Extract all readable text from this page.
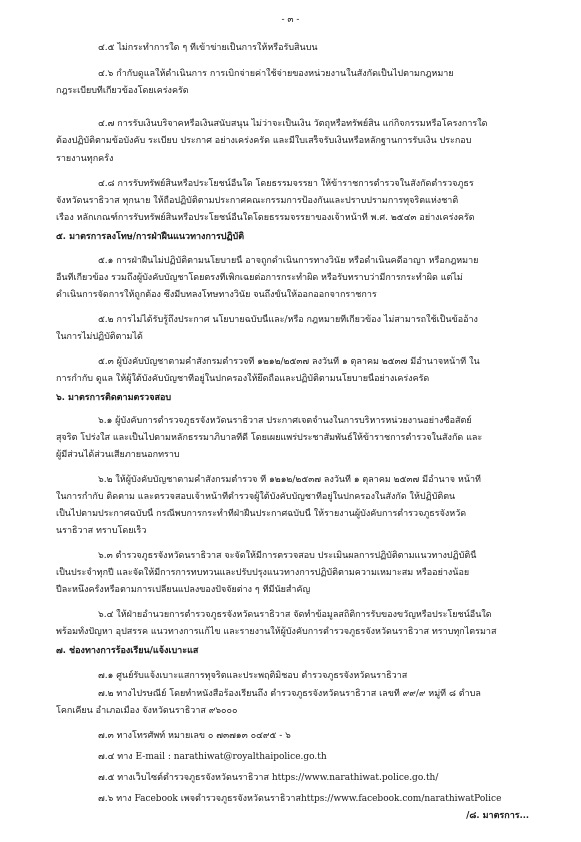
- ๓ -
๔.๕ ไม่กระทำการใด ๆ ที่เข้าข่ายเป็นการให้หรือรับสินบน
๔.๖ กำกับดูแลให้ดำเนินการ การเบิกจ่ายค่าใช้จ่ายของหน่วยงานในสังกัดเป็นไปตามกฎหมาย
กฎระเบียบที่เกี่ยวข้องโดยเคร่งครัด
๔.๗ การรับเงินบริจาคหรือเงินสนับสนุน ไม่ว่าจะเป็นเงิน วัตถุหรือทรัพย์สิน แก่กิจกรรมหรือโครงการใด
ต้องปฏิบัติตามข้อบังคับ ระเบียบ ประกาศ อย่างเคร่งครัด และมีใบเสร็จรับเงินหรือหลักฐานการรับเงิน ประกอบ
รายงานทุกครั้ง
๔.๘ การรับทรัพย์สินหรือประโยชน์อื่นใด โดยธรรมจรรยา ให้ข้าราชการตำรวจในสังกัดตำรวจภูธร
จังหวัดนราธิวาส ทุกนาย ให้ถือปฏิบัติตามประกาศคณะกรรมการป้องกันและปราบปรามการทุจริตแห่งชาติ
เรื่อง หลักเกณฑ์การรับทรัพย์สินหรือประโยชน์อื่นใดโดยธรรมจรรยาของเจ้าหน้าที่ พ.ศ. ๒๕๔๓ อย่างเคร่งครัด
๕. มาตรการลงโทษ/การฝ่าฝืนแนวทางการปฏิบัติ
๕.๑ การฝ่าฝืนไม่ปฏิบัติตามนโยบายนี้ อาจถูกดำเนินการทางวินัย หรือดำเนินคดีอาญา หรือกฎหมาย
อื่นที่เกี่ยวข้อง รวมถึงผู้บังคับบัญชาโดยตรงที่เพิกเฉยต่อการกระทำผิด หรือรับทราบว่ามีการกระทำผิด แต่ไม่
ดำเนินการจัดการให้ถูกต้อง ซึ่งมีบทลงโทษทางวินัย จนถึงขั้นให้ออกออกจากราชการ
๕.๒ การไม่ได้รับรู้ถึงประกาศ นโยบายฉบับนี้และ/หรือ กฎหมายที่เกี่ยวข้อง ไม่สามารถใช้เป็นข้ออ้าง
ในการไม่ปฏิบัติตามได้
๕.๓ ผู้บังคับบัญชาตามคำสั่งกรมตำรวจที่ ๑๒๑๒/๒๕๓๗ ลงวันที่ ๑ ตุลาคม ๒๕๓๗ มีอำนาจหน้าที่ ใน
การกำกับ ดูแล ให้ผู้ใต้บังคับบัญชาที่อยู่ในปกครองให้ยึดถือและปฏิบัติตามนโยบายนี้อย่างเคร่งครัด
๖. มาตรการติดตามตรวจสอบ
๖.๑ ผู้บังคับการตำรวจภูธรจังหวัดนราธิวาส ประกาศเจตจำนงในการบริหารหน่วยงานอย่างซื่อสัตย์
สุจริต โปร่งใส และเป็นไปตามหลักธรรมาภิบาลที่ดี โดยเผยแพร่ประชาสัมพันธ์ให้ข้าราชการตำรวจในสังกัด และ
ผู้มีส่วนได้ส่วนเสียภายนอกทราบ
๖.๒ ให้ผู้บังคับบัญชาตามคำสั่งกรมตำรวจ ที่ ๑๒๑๒/๒๕๓๗ ลงวันที่ ๑ ตุลาคม ๒๕๓๗ มีอำนาจ หน้าที่
ในการกำกับ ติดตาม และตรวจสอบเจ้าหน้าที่ตำรวจผู้ใต้บังคับบัญชาที่อยู่ในปกครองในสังกัด ให้ปฏิบัติตน
เป็นไปตามประกาศฉบับนี้ กรณีพบการกระทำที่ฝ่าฝืนประกาศฉบับนี้ ให้รายงานผู้บังคับการตำรวจภูธรจังหวัด
นราธิวาส ทราบโดยเร็ว
๖.๓ ตำรวจภูธรจังหวัดนราธิวาส จะจัดให้มีการตรวจสอบ ประเมินผลการปฏิบัติตามแนวทางปฏิบัตินี้
เป็นประจำทุกปี และจัดให้มีการการทบทวนและปรับปรุงแนวทางการปฏิบัติตามความเหมาะสม หรืออย่างน้อย
ปีละหนึ่งครั้งหรือตามการเปลี่ยนแปลงของปัจจัยต่าง ๆ ที่มีนัยสำคัญ
๖.๔ ให้ฝ่ายอำนวยการตำรวจภูธรจังหวัดนราธิวาส จัดทำข้อมูลสถิติการรับของขวัญหรือประโยชน์อื่นใด
พร้อมทั้งปัญหา อุปสรรค แนวทางการแก้ไข และรายงานให้ผู้บังคับการตำรวจภูธรจังหวัดนราธิวาส ทราบทุกไตรมาส
๗. ช่องทางการร้องเรียน/แจ้งเบาะแส
๗.๑ ศูนย์รับแจ้งเบาะแสการทุจริตและประพฤติมิชอบ ตำรวจภูธรจังหวัดนราธิวาส
๗.๒ ทางไปรษณีย์ โดยทำหนังสือร้องเรียนถึง ตำรวจภูธรจังหวัดนราธิวาส เลขที่ ๙๙/๙ หมู่ที่ ๘ ตำบล
โคกเคียน อำเภอเมือง จังหวัดนราธิวาส ๙๖๐๐๐
๗.๓ ทางโทรศัพท์ หมายเลข ๐ ๗๓๗๑๓ ๐๔๙๕ - ๖
๗.๔ ทาง E-mail : narathiwat@royalthaipolice.go.th
๗.๕ ทางเว็บไซต์ตำรวจภูธรจังหวัดนราธิวาส https://www.narathiwat.police.go.th/
๗.๖ ทาง Facebook เพจตำรวจภูธรจังหวัดนราธิวาสhttps://www.facebook.com/narathiwatPolice
/๘. มาตรการ...
